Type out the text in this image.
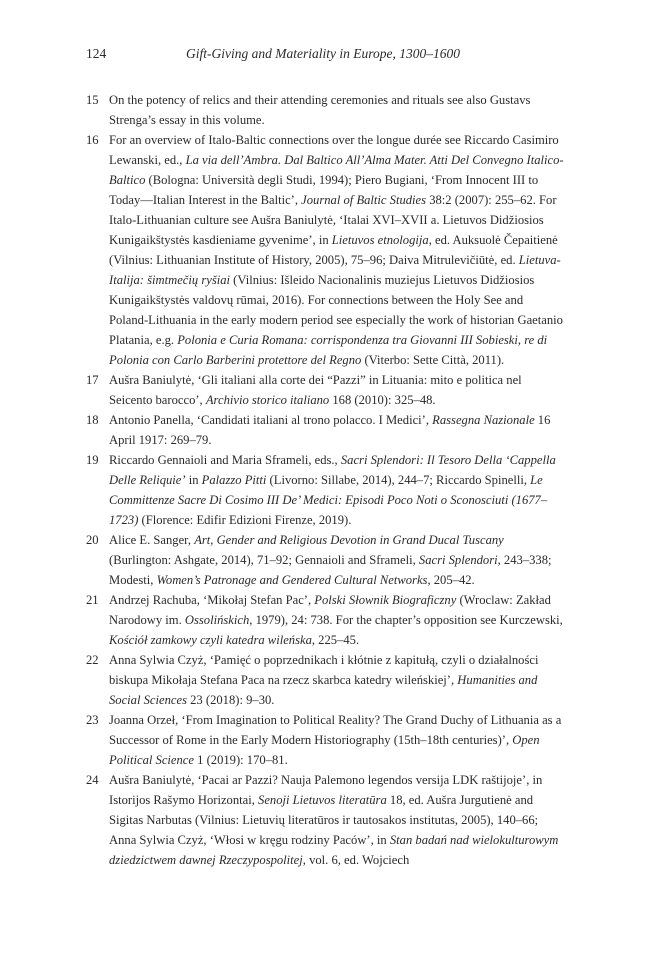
124	Gift-Giving and Materiality in Europe, 1300–1600

15 On the potency of relics and their attending ceremonies and rituals see also Gustavs Strenga’s essay in this volume.

16 For an overview of Italo-Baltic connections over the longue durée see Riccardo Casimiro Lewanski, ed., La via dell’Ambra. Dal Baltico All’Alma Mater. Atti Del Convegno Italico-Baltico (Bologna: Università degli Studi, 1994); Piero Bugiani, ‘From Innocent III to Today—Italian Interest in the Baltic’, Journal of Baltic Studies 38:2 (2007): 255–62. For Italo-Lithuanian culture see Aušra Baniulytė, ‘Italai XVI–XVII a. Lietuvos Didžiosios Kunigaikštystės kasdieniame gyvenime’, in Lietuvos etnologija, ed. Auksuolė Čepaitienė (Vilnius: Lithuanian Institute of History, 2005), 75–96; Daiva Mitrulevičiūtė, ed. Lietuva-Italija: šimtmečių ryšiai (Vilnius: Išleido Nacionalinis muziejus Lietuvos Didžiosios Kunigaikštystės valdovų rūmai, 2016). For connections between the Holy See and Poland-Lithuania in the early modern period see especially the work of historian Gaetanio Platania, e.g. Polonia e Curia Romana: corrispondenza tra Giovanni III Sobieski, re di Polonia con Carlo Barberini protettore del Regno (Viterbo: Sette Città, 2011).

17 Aušra Baniulytė, ‘Gli italiani alla corte dei “Pazzi” in Lituania: mito e politica nel Seicento barocco’, Archivio storico italiano 168 (2010): 325–48.

18 Antonio Panella, ‘Candidati italiani al trono polacco. I Medici’, Rassegna Nazionale 16 April 1917: 269–79.

19 Riccardo Gennaioli and Maria Sframeli, eds., Sacri Splendori: Il Tesoro Della ‘Cappella Delle Reliquie’ in Palazzo Pitti (Livorno: Sillabe, 2014), 244–7; Riccardo Spinelli, Le Committenze Sacre Di Cosimo III De’ Medici: Episodi Poco Noti o Sconosciuti (1677–1723) (Florence: Edifir Edizioni Firenze, 2019).

20 Alice E. Sanger, Art, Gender and Religious Devotion in Grand Ducal Tuscany (Burlington: Ashgate, 2014), 71–92; Gennaioli and Sframeli, Sacri Splendori, 243–338; Modesti, Women’s Patronage and Gendered Cultural Networks, 205–42.

21 Andrzej Rachuba, ‘Mikołaj Stefan Pac’, Polski Słownik Biograficzny (Wroclaw: Zakład Narodowy im. Ossolińskich, 1979), 24: 738. For the chapter’s opposition see Kurczewski, Kościół zamkowy czyli katedra wileńska, 225–45.

22 Anna Sylwia Czyż, ‘Pamięć o poprzednikach i kłótnie z kapitułą, czyli o działalności biskupa Mikołaja Stefana Paca na rzecz skarbca katedry wileńskiej’, Humanities and Social Sciences 23 (2018): 9–30.

23 Joanna Orzeł, ‘From Imagination to Political Reality? The Grand Duchy of Lithuania as a Successor of Rome in the Early Modern Historiography (15th–18th centuries)’, Open Political Science 1 (2019): 170–81.

24 Aušra Baniulytė, ‘Pacai ar Pazzi? Nauja Palemono legendos versija LDK raštijoje’, in Istorijos Rašymo Horizontai, Senoji Lietuvos literatūra 18, ed. Aušra Jurgutienė and Sigitas Narbutas (Vilnius: Lietuvių literatūros ir tautosakos institutas, 2005), 140–66; Anna Sylwia Czyż, ‘Włosi w kręgu rodziny Paców’, in Stan badań nad wielokulturowym dziedzictwem dawnej Rzeczypospolitej, vol. 6, ed. Wojciech
